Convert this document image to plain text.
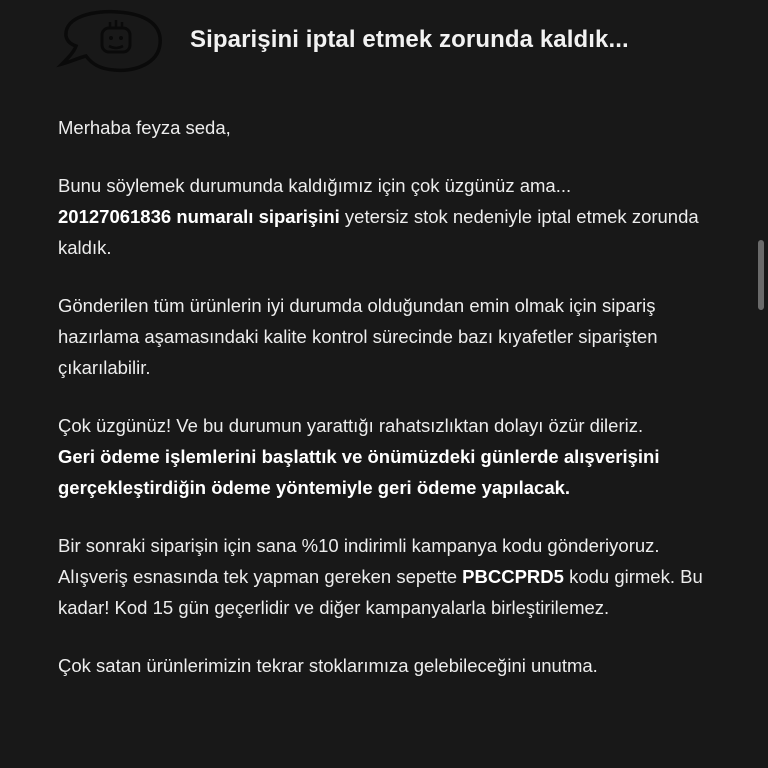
Siparişini iptal etmek zorunda kaldık...

Merhaba feyza seda,

Bunu söylemek durumunda kaldığımız için çok üzgünüz ama...
20127061836 numaralı siparişini yetersiz stok nedeniyle iptal etmek zorunda kaldık.

Gönderilen tüm ürünlerin iyi durumda olduğundan emin olmak için sipariş hazırlama aşamasındaki kalite kontrol sürecinde bazı kıyafetler siparişten çıkarılabilir.

Çok üzgünüz! Ve bu durumun yarattığı rahatsızlıktan dolayı özür dileriz.
Geri ödeme işlemlerini başlattık ve önümüzdeki günlerde alışverişini gerçekleştirdiğin ödeme yöntemiyle geri ödeme yapılacak.

Bir sonraki siparişin için sana %10 indirimli kampanya kodu gönderiyoruz. Alışveriş esnasında tek yapman gereken sepette PBCCPRD5 kodu girmek. Bu kadar! Kod 15 gün geçerlidir ve diğer kampanyalarla birleştirilemez.

Çok satan ürünlerimizin tekrar stoklarımıza gelebileceğini unutma.
